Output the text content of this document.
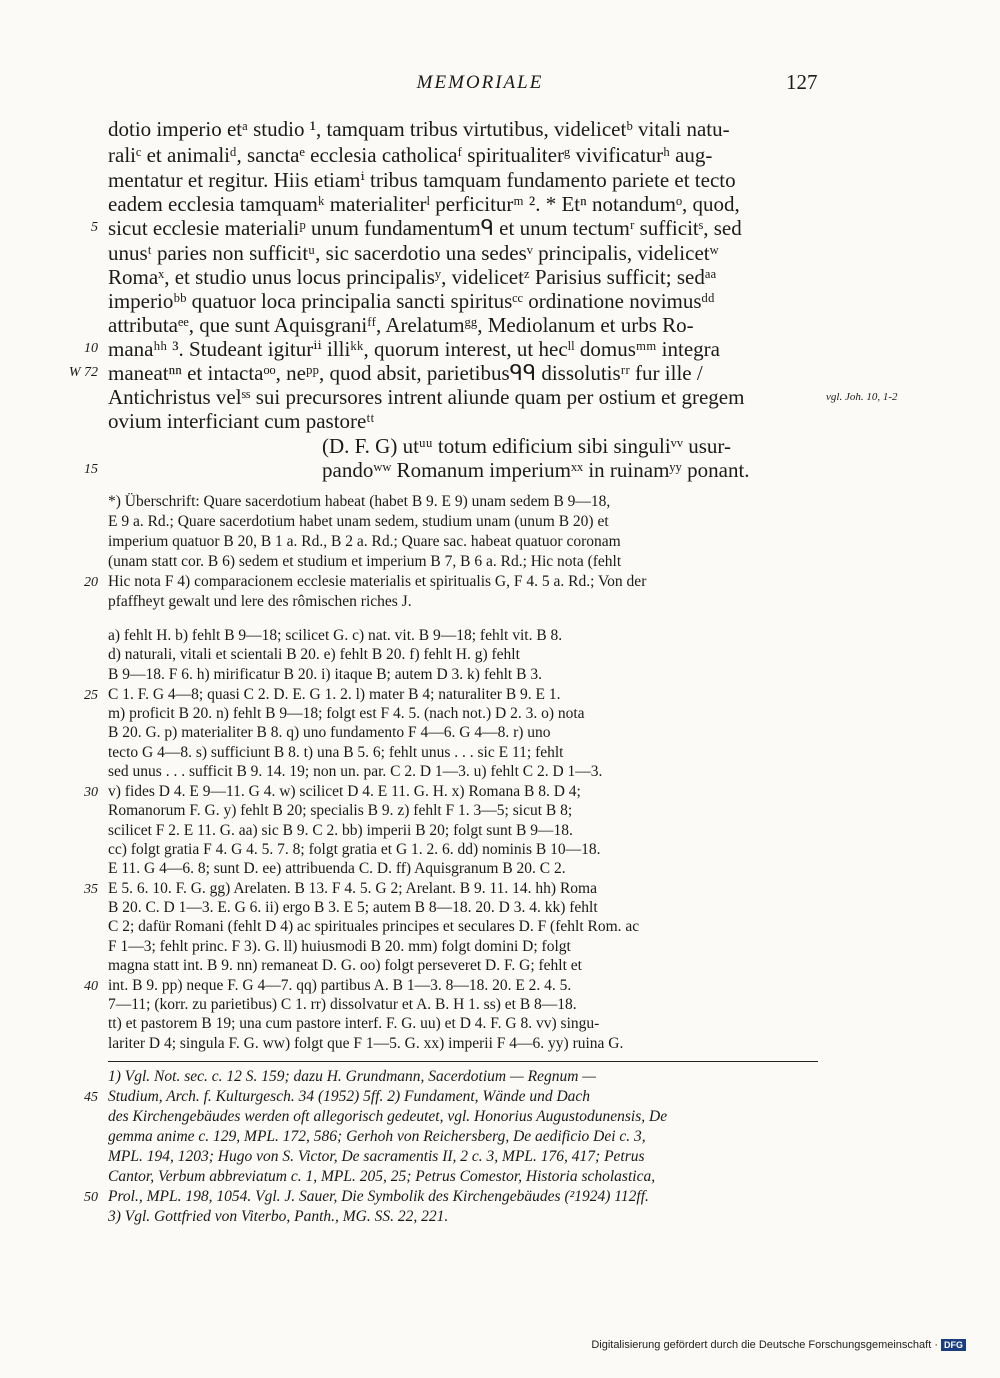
MEMORIALE	127
dotio imperio etᵃ studio ¹, tamquam tribus virtutibus, videlicetᵇ vitali natu-
raliᶜ et animaliᵈ, sanctaᵉ ecclesia catholicaᶠ spiritualiterᵍ vivificaturʰ aug-
mentatur et regitur. Hiis etiamⁱ tribus tamquam fundamento pariete et tecto
eadem ecclesia tamquamᵏ materialiterˡ perficiturᵐ ². * Etⁿ notandumᵒ, quod,
sicut ecclesie materialiᵖ unum fundamentumᑫ et unum tectumʳ sufficitˢ, sed
unusᵗ paries non sufficitᵘ, sic sacerdotio una sedesᵛ principalis, videlicetʷ
Romaˣ, et studio unus locus principalisʸ, videlicetᶻ Parisius sufficit; sedᵃᵃ
imperioᵇᵇ quatuor loca principalia sancti spiritusᶜᶜ ordinatione novimusᵈᵈ
attributaᵉᵉ, que sunt Aquisgraniᶠᶠ, Arelatumᵍᵍ, Mediolanum et urbs Ro-
manaʰʰ ³. Studeant igiturⁱⁱ illiᵏᵏ, quorum interest, ut hecˡˡ domusᵐᵐ integra
maneatⁿⁿ et intactaᵒᵒ, neᵖᵖ, quod absit, parietibusᑫᑫ dissolutisʳʳ fur ille /
Antichristus velˢˢ sui precursores intrent aliunde quam per ostium et gregem
ovium interficiant cum pastoreᵗᵗ
(D. F. G) utᵘᵘ totum edificium sibi singuliᵛᵛ usur-
pandoʷʷ Romanum imperiumˣˣ in ruinamʸʸ ponant.
5
10
W 72
15
vgl. Joh. 10, 1-2
*) Überschrift: Quare sacerdotium habeat (habet B 9. E 9) unam sedem B 9—18,
E 9 a. Rd.; Quare sacerdotium habet unam sedem, studium unam (unum B 20) et
imperium quatuor B 20, B 1 a. Rd., B 2 a. Rd.; Quare sac. habeat quatuor coronam
(unam statt cor. B 6) sedem et studium et imperium B 7, B 6 a. Rd.; Hic nota (fehlt
Hic nota F 4) comparacionem ecclesie materialis et spiritualis G, F 4. 5 a. Rd.; Von der
pfaffheyt gewalt und lere des rômischen riches J.
a) fehlt H. b) fehlt B 9—18; scilicet G. c) nat. vit. B 9—18; fehlt vit. B 8.
d) naturali, vitali et scientali B 20. e) fehlt B 20. f) fehlt H. g) fehlt
B 9—18. F 6. h) mirificatur B 20. i) itaque B; autem D 3. k) fehlt B 3.
C 1. F. G 4—8; quasi C 2. D. E. G 1. 2. l) mater B 4; naturaliter B 9. E 1.
m) proficit B 20. n) fehlt B 9—18; folgt est F 4. 5. (nach not.) D 2. 3. o) nota
B 20. G. p) materialiter B 8. q) uno fundamento F 4—6. G 4—8. r) uno
tecto G 4—8. s) sufficiunt B 8. t) una B 5. 6; fehlt unus . . . sic E 11; fehlt
sed unus . . . sufficit B 9. 14. 19; non un. par. C 2. D 1—3. u) fehlt C 2. D 1—3.
v) fides D 4. E 9—11. G 4. w) scilicet D 4. E 11. G. H. x) Romana B 8. D 4;
Romanorum F. G. y) fehlt B 20; specialis B 9. z) fehlt F 1. 3—5; sicut B 8;
scilicet F 2. E 11. G. aa) sic B 9. C 2. bb) imperii B 20; folgt sunt B 9—18.
cc) folgt gratia F 4. G 4. 5. 7. 8; folgt gratia et G 1. 2. 6. dd) nominis B 10—18.
E 11. G 4—6. 8; sunt D. ee) attribuenda C. D. ff) Aquisgranum B 20. C 2.
E 5. 6. 10. F. G. gg) Arelaten. B 13. F 4. 5. G 2; Arelant. B 9. 11. 14. hh) Roma
B 20. C. D 1—3. E. G 6. ii) ergo B 3. E 5; autem B 8—18. 20. D 3. 4. kk) fehlt
C 2; dafür Romani (fehlt D 4) ac spirituales principes et seculares D. F (fehlt Rom. ac
F 1—3; fehlt princ. F 3). G. ll) huiusmodi B 20. mm) folgt domini D; folgt
magna statt int. B 9. nn) remaneat D. G. oo) folgt perseveret D. F. G; fehlt et
int. B 9. pp) neque F. G 4—7. qq) partibus A. B 1—3. 8—18. 20. E 2. 4. 5.
7—11; (korr. zu parietibus) C 1. rr) dissolvatur et A. B. H 1. ss) et B 8—18.
tt) et pastorem B 19; una cum pastore interf. F. G. uu) et D 4. F. G 8. vv) singu-
lariter D 4; singula F. G. ww) folgt que F 1—5. G. xx) imperii F 4—6. yy) ruina G.
20
25
30
35
40
1) Vgl. Not. sec. c. 12 S. 159; dazu H. Grundmann, Sacerdotium — Regnum —
Studium, Arch. f. Kulturgesch. 34 (1952) 5ff. 2) Fundament, Wände und Dach
des Kirchengebäudes werden oft allegorisch gedeutet, vgl. Honorius Augustodunensis, De
gemma anime c. 129, MPL. 172, 586; Gerhoh von Reichersberg, De aedificio Dei c. 3,
MPL. 194, 1203; Hugo von S. Victor, De sacramentis II, 2 c. 3, MPL. 176, 417; Petrus
Cantor, Verbum abbreviatum c. 1, MPL. 205, 25; Petrus Comestor, Historia scholastica,
Prol., MPL. 198, 1054. Vgl. J. Sauer, Die Symbolik des Kirchengebäudes (²1924) 112ff.
3) Vgl. Gottfried von Viterbo, Panth., MG. SS. 22, 221.
45
50
Digitalisierung gefördert durch die Deutsche Forschungsgemeinschaft · DFG
